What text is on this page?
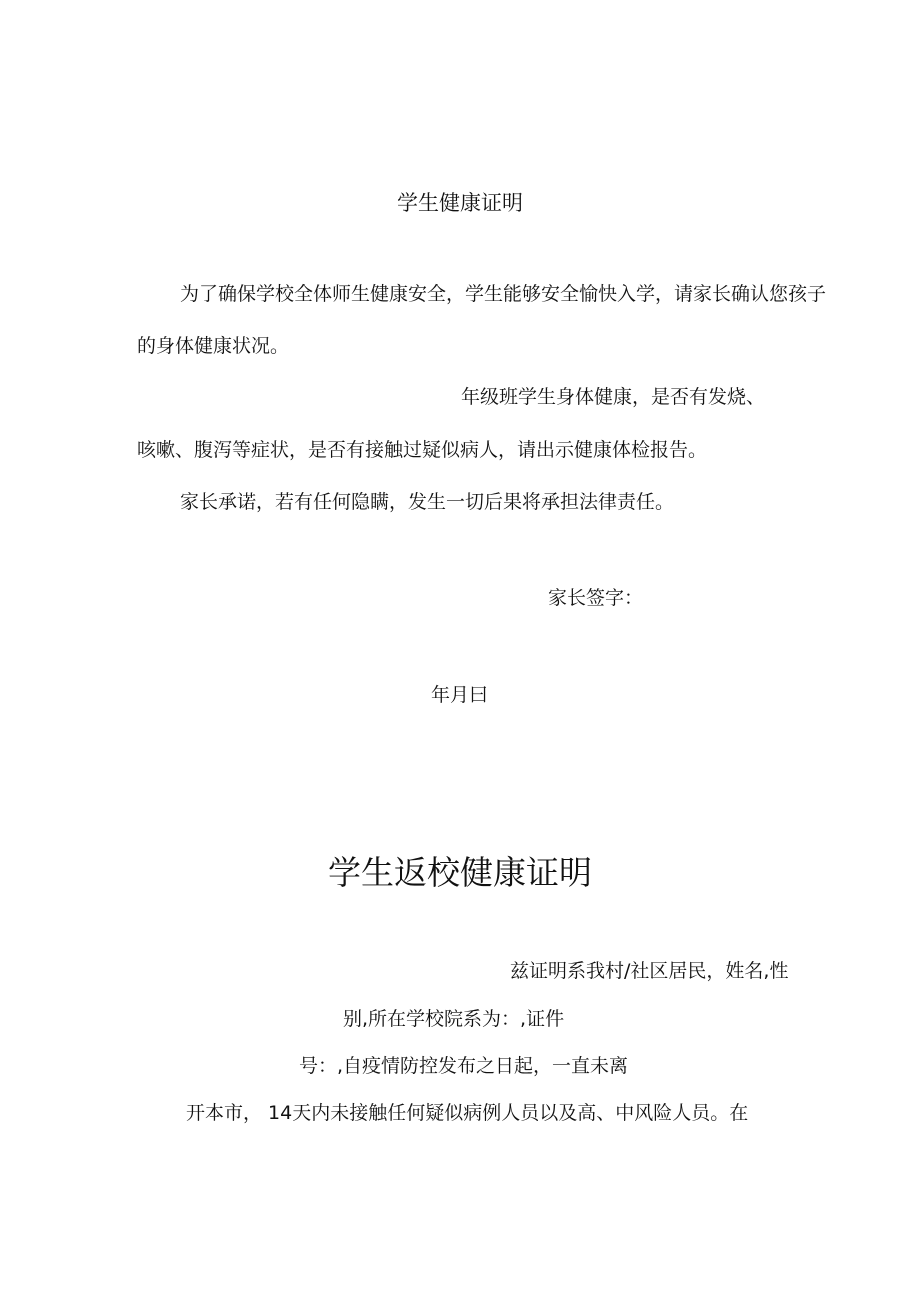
学生健康证明

为了确保学校全体师生健康安全，学生能够安全愉快入学，请家长确认您孩子

的身体健康状况。

年级班学生身体健康，是否有发烧、

咳嗽、腹泻等症状，是否有接触过疑似病人，请出示健康体检报告。

家长承诺，若有任何隐瞒，发生一切后果将承担法律责任。

家长签字：

年月曰

学生返校健康证明

兹证明系我村/社区居民，姓名,性

别,所在学校院系为：,证件

号：,自疫情防控发布之日起，一直未离

开本市， 14天内未接触任何疑似病例人员以及高、中风险人员。在
